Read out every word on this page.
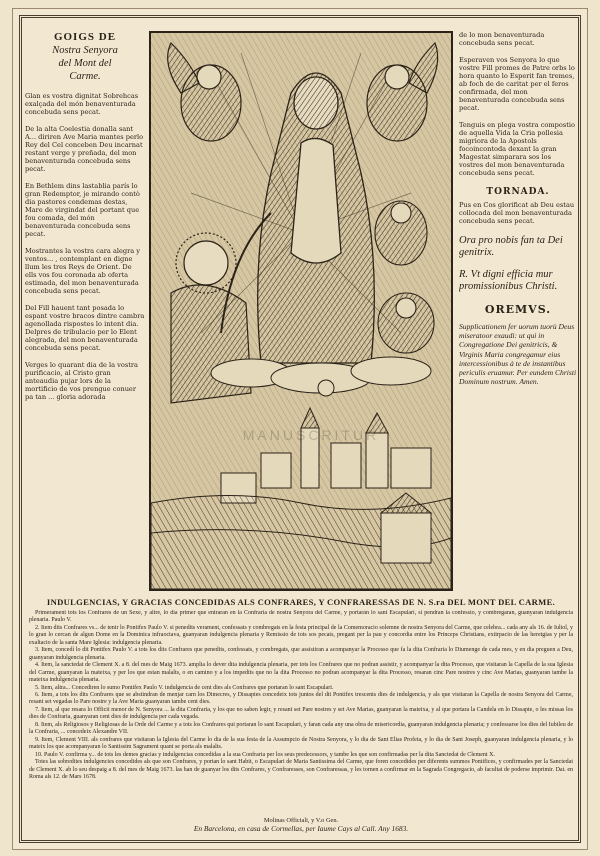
GOIGS DE

Nostra Senyora
del Mont del
Carme.
Glan es vostra dignitat Sobrehcas exalçada del món benaventurada concebuda sens pecat.
De la alta Coelestia donalla sant A... diriren Ave Maria mantes perlo Rey del Cel conceben Deu incarnat restant verge y preñada, del mon benaventurada concebuda sens pecat.
En Bethlem dins lastablia parís lo gran Redemptor, je mirando contò dia pastores condemas destas, Mare de virgindat del portant que fou comada, del món benaventurada concebuda sens pecat.
Mostrantes la vostra cara alegra y ventos... , contemplant en digne llum les tres Reys de Orient. De ells vos fou coronada ab oferta estimada, del mon benaventurada concebuda sens pecat.
Del Fill hauent tant posada lo espant vostre bracos dintre cambra agenollada rispostes lo intent dia. Delpres de tribulacio per lo Elent alegrada, del mon benaventurada concebuda sens pecat.
Verges lo quarant dia de la vostra purificacio, al Cristo gran anteaudia pujar lors de la mortificio de vos prengue conuer pa tan ... gloria adorada
MANUSCRITUR
de lo mon benaventurada concebuda sens pecat.
Esperaven vos Senyora lo que vostre Fill promes de Patre orbs lo hora quanto lo Esperit fan tremes, ab foch de de caritat per el feros confirmada, del mon benaventurada concebuda sens pecat.
Tenguis en plega vostra compostio de aquella Vida la Cria pollesia migriora de la Apostols focoincontoda dexant la gran Magestat simparara sos los vostres del mon benaventurada concebuda sens pecat.
TORNADA.
Pus en Cos glorificat ab Deu estau collocada del mon benaventurada concebuda sens pecat.
Ora pro nobis fan ta Dei genitrix.
R. Vt digni efficia mur promissionibus Christi.
OREMVS.
Supplicationem fer uorum tuorù Deus miseratoor exaudi: ut qui in Congregatione Dei genitricis, & Virginis Maria congregamur eius intercessionibus à te de instantibus periculis eruamur. Per eundem Christi Dominum nostrum. Amen.
INDULGENCIAS, Y GRACIAS CONCEDIDAS ALS CONFRARES, Y CONFRARESSAS DE N. S.ra DEL MONT DEL CARME.

Primerament tots los Confrares de un Sexe, y altre, lo dia primer que entraran en la Confraria de nostra Senyora del Carme, y portarán lo sant Escapulari, si pendran la confessio, y combregaran, guanyaran indulgencia plenaria. Paulo V.

2. Item dits Confrares vs... de tenir lo Pontifex Paulo V. si penedits verament, confessats y combregats en la festa principal de la Comemoracio solemne de nostra Senyora del Carme, que celebra... cada any als 16. de Iuliol, y lo gran lo cercan de algun Dome en la Dominica infraoctava, guanyaran indulgencia plenaria y Remissio de tots sos pecats, pregant per la pau y concordia entre los Princeps Christians, extirpacio de las heretgias y per la exaltacio de la santa Mare Iglesia: indulgencia plenaria.

3. Item, concedí lo dit Pontifex Paulo V. a tots los dits Confrares que penedits, confessats, y combregats, que assistiran a acompanyar la Processo que fa la dita Confraria lo Diumenge de cada mes, y en dia preguen a Deu, guanyaran indulgencia plenaria.

4. Item, la sanctedat de Clement X. a 8. del mes de Maig 1673. amplia lo dever dita indulgencia plenaria, per tots los Confrares que no podran assistir, y acompanyar la dita Processo, que visitaran la Capella de la sua Iglesia del Carme, guanyaran la mateixa, y per los que estan malalts, o en camino y a los impedits que no la dita Processo no podran acompanyar la dita Processo, resaran cinc Pare nostres y cinc Ave Marias, guanyaran tambe la mateixa indulgencia plenaria.

5. Item, altra... Concediren lo sumo Pontifex Paulo V. indulgencia de cent dies als Confrares que portaran lo sant Escapulari.

6. Item, a tots los dits Confrares que se abstindran de menjar carn los Dimecres, y Dissaptes concedeix tots juntos del dit Pontifex trescents dies de indulgencia, y als que visitaran la Capella de nostra Senyora del Carme, resant set vegadas lo Pare nostre y la Ave Maria guanyaran tambe cent dies.

7. Item, al que resara lo Officii menor de N. Senyora ... la dita Confraria, y los que no saben legir, y resant set Pare nostres y set Ave Marias, guanyaran la mateixa, y al que portara la Candela en lo Dissapte, o les missas los dies de Confraria, guanyaran cent dies de indulgencia per cada vegada.

8. Item, als Religiosos y Religiosas de la Orde del Carme y a tots los Confrares qui portaran lo sant Escapulari, y faran cada any una obra de misericordia, guanyaran indulgencia plenaria; y confessarse los dies del Iubileu de la Confraria, ... concedeix Alexandre VII.

9. Item, Clement VIII. als confrares que visitaran la Iglesia del Carme lo dia de la sua festa de la Assumpcio de Nostra Senyora, y lo dia de Sant Elias Profeta, y lo dia de Sant Joseph, guanyaran indulgencia plenaria, y lo mateix los que acompanyaran lo Santissim Sagrament quant se porta als malalts.

10. Paulo V. confirma y... de tots les demes gracias y indulgencias concedidas a la sua Confraria per los seus predecessors, y tambe les que son confirmadas per la dita Sanctedat de Clement X.

Totes las sobredites indulgencies concedides als que son Confrares, y portan lo sant Habit, o Escapulari de Maria Santissima del Carme, que foren concedides per diferents summos Pontifices, y confirmades per la Sanctedat de Clement X. ab lo seu despaig a 8. del mes de Maig 1673. las han de guanyar los dits Confrares, y Confraresses, son Confraressas, y les tornen a confirmar en la Sagrada Congregacio, ab facultat de poderse imprimir. Dat. en Roma als 12. de Mars 1678.

Molinas Officiali, y V.o Gen.
En Barcelona, en casa de Cormellas, per Iaume Cays al Call. Any 1683.
